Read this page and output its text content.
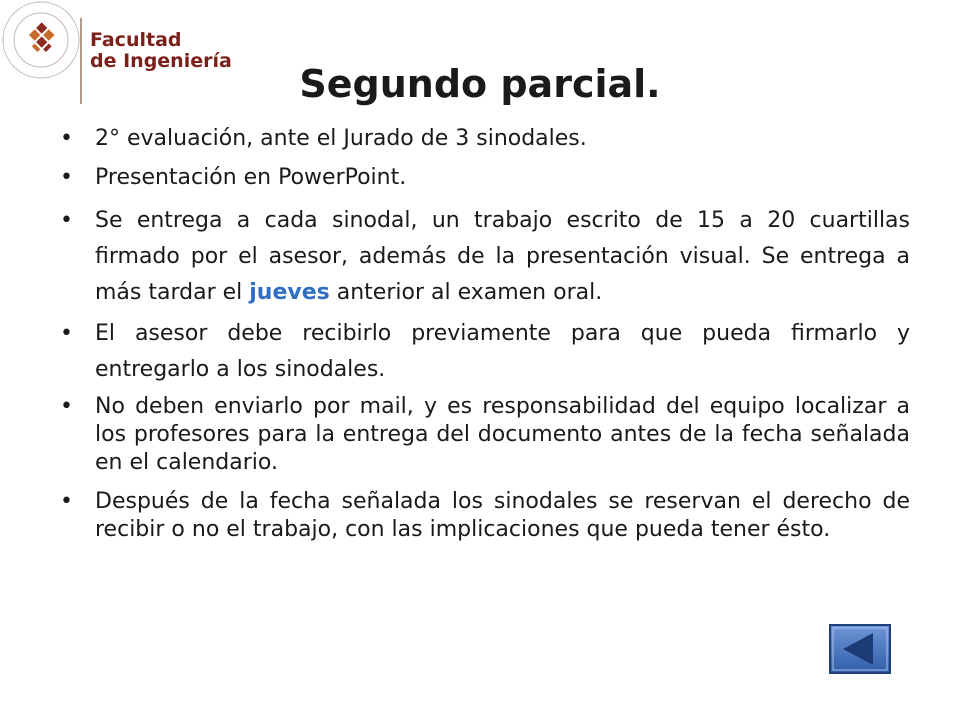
Facultad
de Ingeniería
Segundo parcial.
• 2° evaluación, ante el Jurado de 3 sinodales.
• Presentación en PowerPoint.
• Se entrega a cada sinodal, un trabajo escrito de 15 a 20 cuartillas firmado por el asesor, además de la presentación visual. Se entrega a más tardar el jueves anterior al examen oral.
• El asesor debe recibirlo previamente para que pueda firmarlo y entregarlo a los sinodales.
• No deben enviarlo por mail, y es responsabilidad del equipo localizar a los profesores para la entrega del documento antes de la fecha señalada en el calendario.
• Después de la fecha señalada los sinodales se reservan el derecho de recibir o no el trabajo, con las implicaciones que pueda tener ésto.
